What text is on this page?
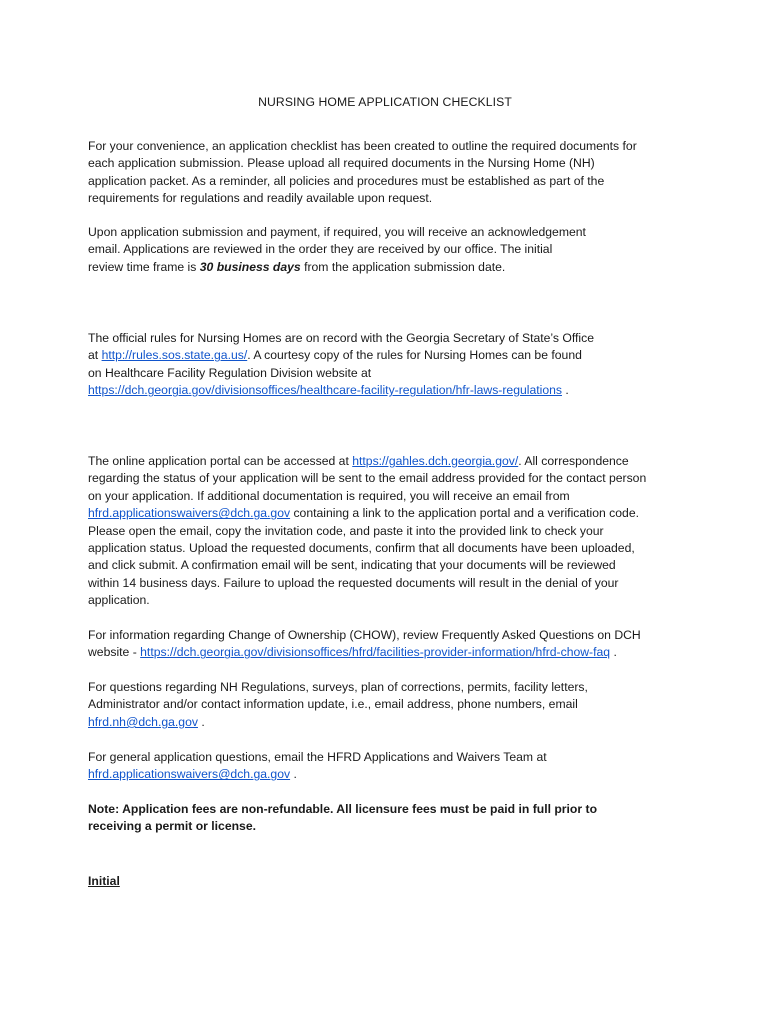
NURSING HOME APPLICATION CHECKLIST

For your convenience, an application checklist has been created to outline the required documents for
each application submission. Please upload all required documents in the Nursing Home (NH)
application packet. As a reminder, all policies and procedures must be established as part of the
requirements for regulations and readily available upon request.

Upon application submission and payment, if required, you will receive an acknowledgement
email. Applications are reviewed in the order they are received by our office. The initial
review time frame is 30 business days from the application submission date.

The official rules for Nursing Homes are on record with the Georgia Secretary of State’s Office
at http://rules.sos.state.ga.us/. A courtesy copy of the rules for Nursing Homes can be found
on Healthcare Facility Regulation Division website at
https://dch.georgia.gov/divisionsoffices/healthcare-facility-regulation/hfr-laws-regulations .

The online application portal can be accessed at https://gahles.dch.georgia.gov/. All correspondence
regarding the status of your application will be sent to the email address provided for the contact person
on your application. If additional documentation is required, you will receive an email from
hfrd.applicationswaivers@dch.ga.gov containing a link to the application portal and a verification code.
Please open the email, copy the invitation code, and paste it into the provided link to check your
application status. Upload the requested documents, confirm that all documents have been uploaded,
and click submit. A confirmation email will be sent, indicating that your documents will be reviewed
within 14 business days. Failure to upload the requested documents will result in the denial of your
application.

For information regarding Change of Ownership (CHOW), review Frequently Asked Questions on DCH
website - https://dch.georgia.gov/divisionsoffices/hfrd/facilities-provider-information/hfrd-chow-faq .

For questions regarding NH Regulations, surveys, plan of corrections, permits, facility letters,
Administrator and/or contact information update, i.e., email address, phone numbers, email
hfrd.nh@dch.ga.gov .

For general application questions, email the HFRD Applications and Waivers Team at
hfrd.applicationswaivers@dch.ga.gov .

Note: Application fees are non-refundable. All licensure fees must be paid in full prior to
receiving a permit or license.

Initial
